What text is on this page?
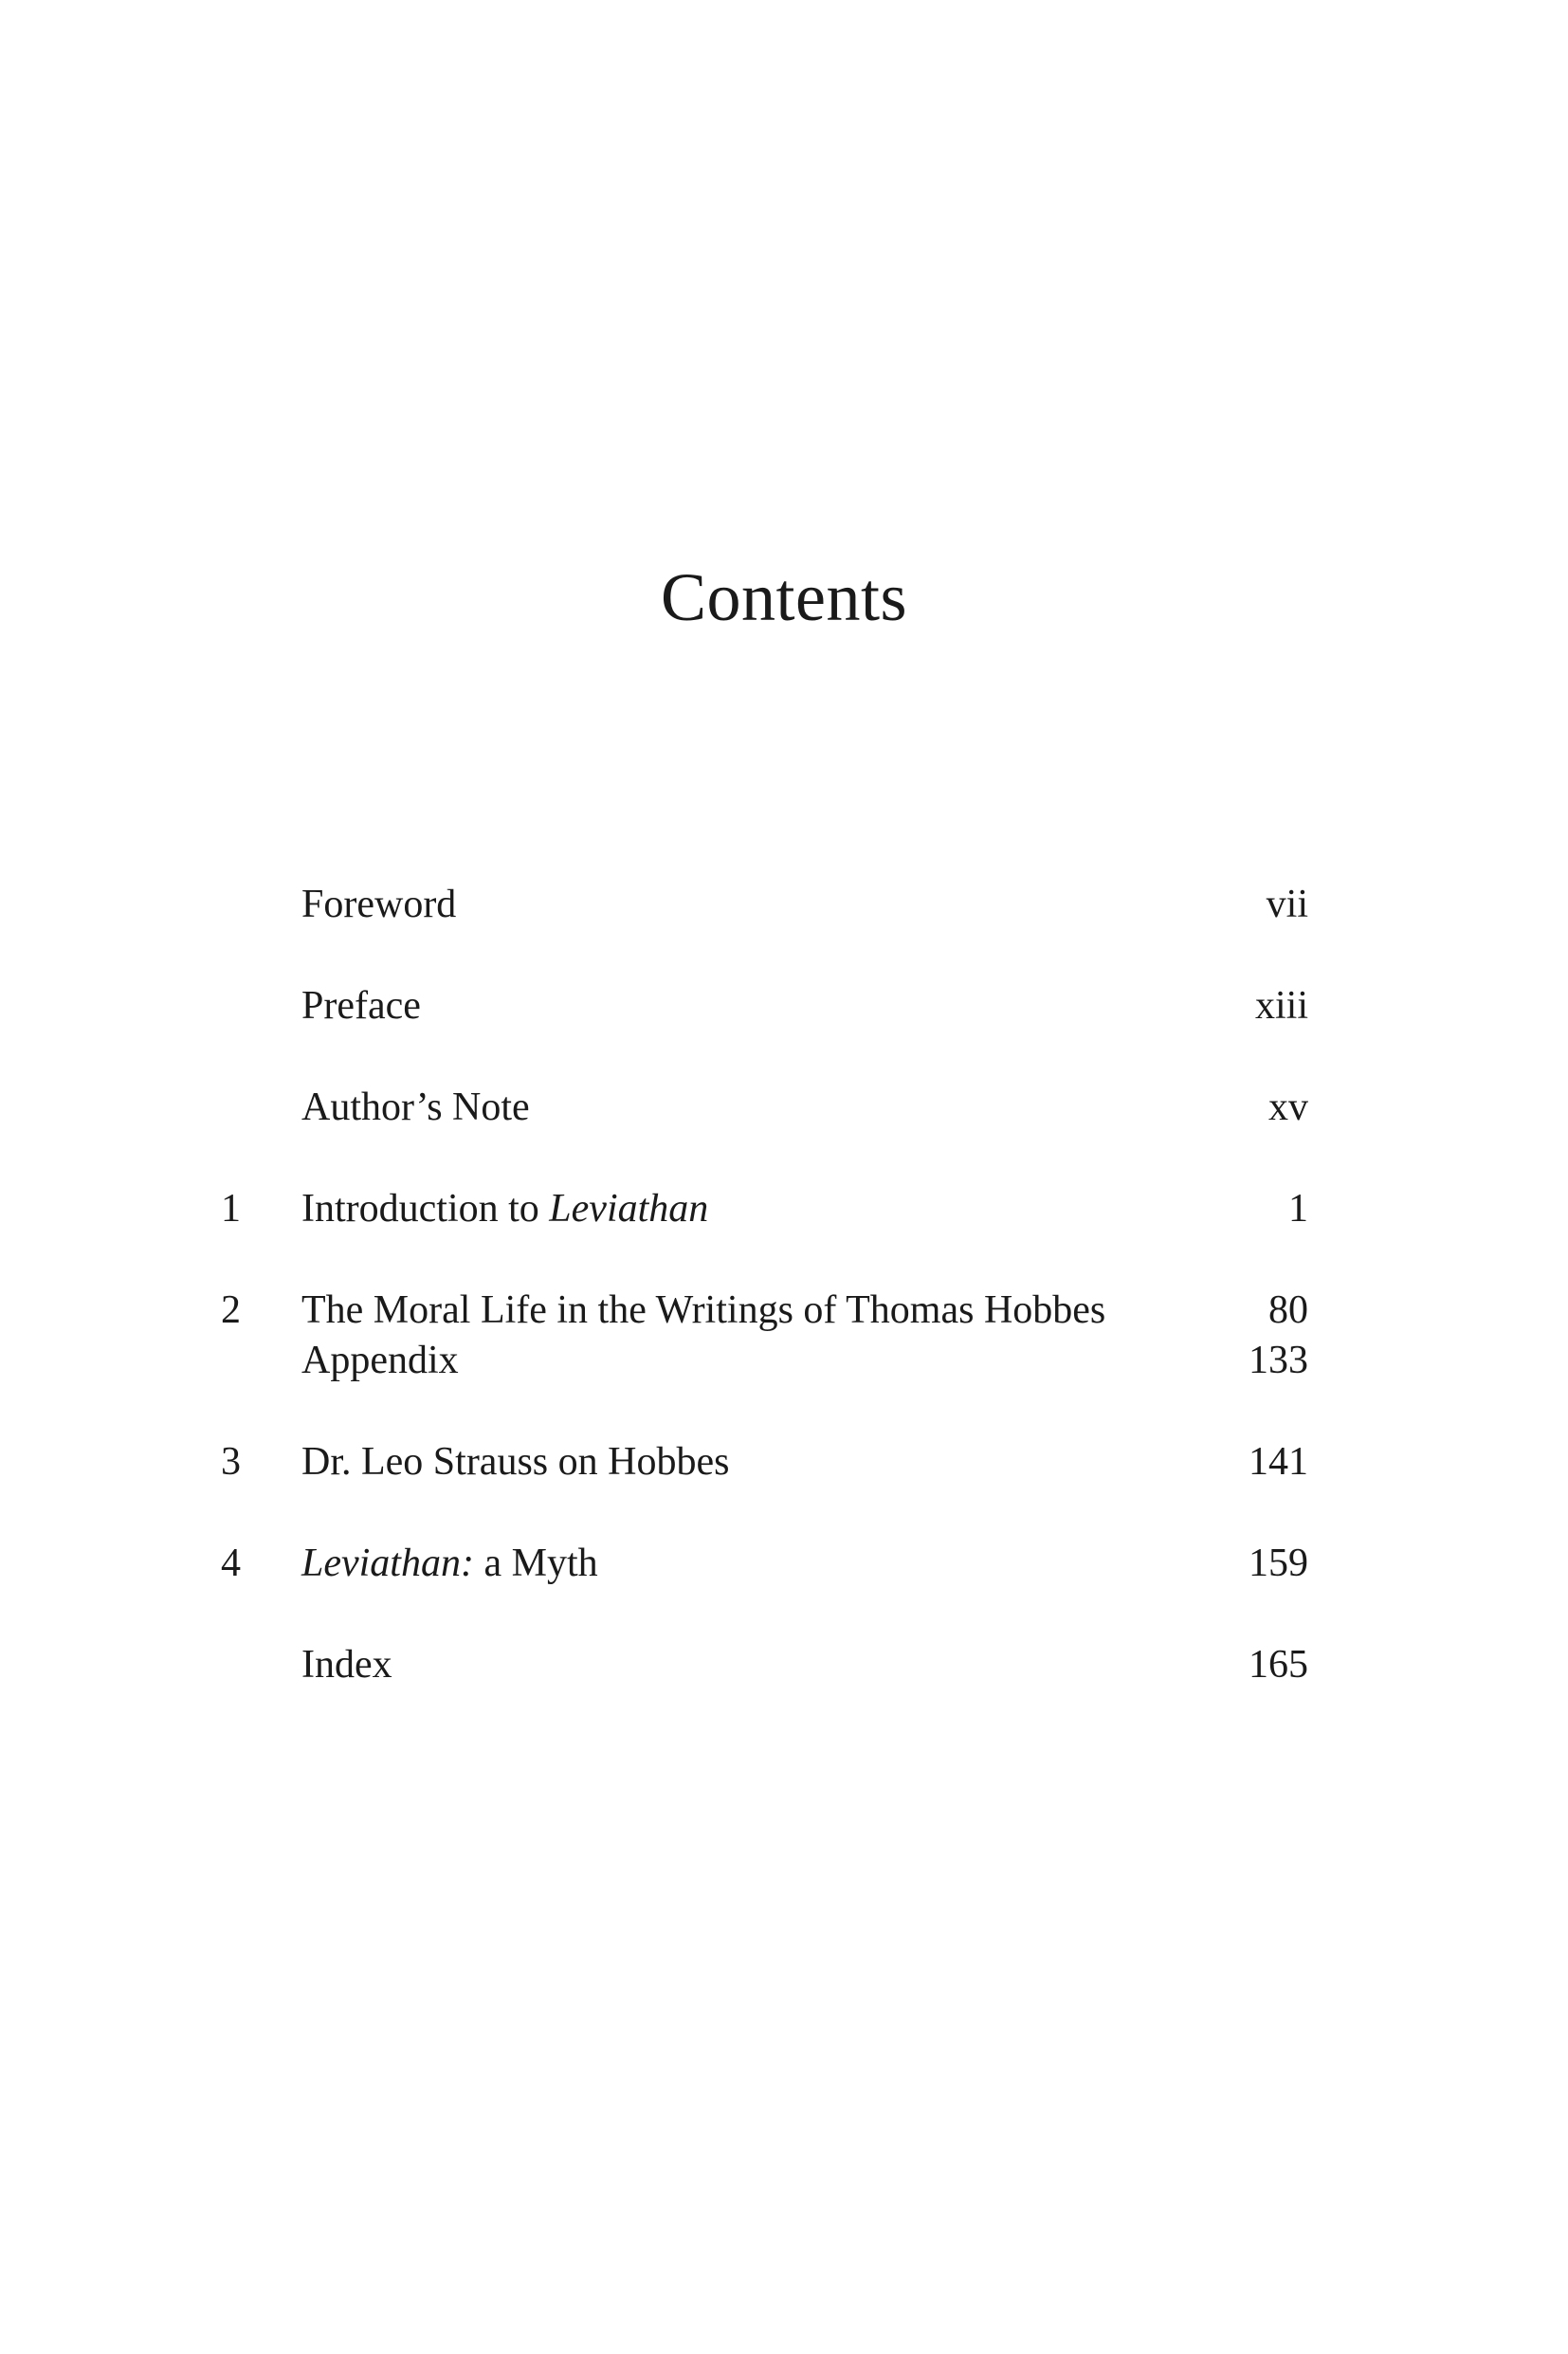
Contents
Foreword	vii
Preface	xiii
Author’s Note	xv
1	Introduction to Leviathan	1
2	The Moral Life in the Writings of Thomas Hobbes	80
Appendix	133
3	Dr. Leo Strauss on Hobbes	141
4	Leviathan: a Myth	159
Index	165
